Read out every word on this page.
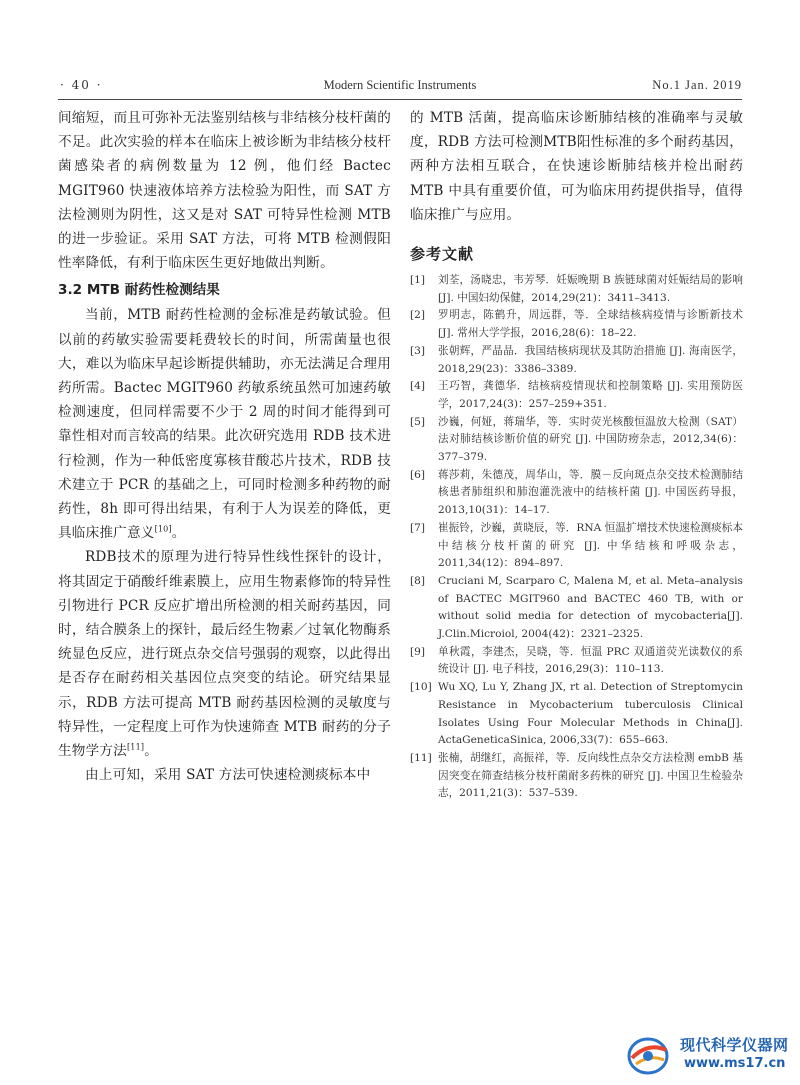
· 40 ·	Modern Scientific Instruments	No.1 Jan. 2019

间缩短，而且可弥补无法鉴别结核与非结核分枝杆菌的不足。此次实验的样本在临床上被诊断为非结核分枝杆菌感染者的病例数量为 12 例，他们经 Bactec MGIT960 快速液体培养方法检验为阳性，而 SAT 方法检测则为阴性，这又是对 SAT 可特异性检测 MTB 的进一步验证。采用 SAT 方法，可将 MTB 检测假阳性率降低，有利于临床医生更好地做出判断。

3.2 MTB 耐药性检测结果

当前，MTB 耐药性检测的金标准是药敏试验。但以前的药敏实验需要耗费较长的时间，所需菌量也很大，难以为临床早起诊断提供辅助，亦无法满足合理用药所需。Bactec MGIT960 药敏系统虽然可加速药敏检测速度，但同样需要不少于 2 周的时间才能得到可靠性相对而言较高的结果。此次研究选用 RDB 技术进行检测，作为一种低密度寡核苷酸芯片技术，RDB 技术建立于 PCR 的基础之上，可同时检测多种药物的耐药性，8h 即可得出结果，有利于人为误差的降低，更具临床推广意义[10]。

RDB技术的原理为进行特异性线性探针的设计，将其固定于硝酸纤维素膜上，应用生物素修饰的特异性引物进行 PCR 反应扩增出所检测的相关耐药基因，同时，结合膜条上的探针，最后经生物素／过氧化物酶系统显色反应，进行斑点杂交信号强弱的观察，以此得出是否存在耐药相关基因位点突变的结论。研究结果显示，RDB 方法可提高 MTB 耐药基因检测的灵敏度与特异性，一定程度上可作为快速筛查 MTB 耐药的分子生物学方法[11]。

由上可知，采用 SAT 方法可快速检测痰标本中

的 MTB 活菌，提高临床诊断肺结核的准确率与灵敏度，RDB 方法可检测MTB阳性标准的多个耐药基因，两种方法相互联合，在快速诊断肺结核并检出耐药MTB 中具有重要价值，可为临床用药提供指导，值得临床推广与应用。

参考文献
[1]	刘荃，汤晓忠，韦芳琴．妊娠晚期 B 族链球菌对妊娠结局的影响 [J]. 中国妇幼保健，2014,29(21)：3411–3413.
[2]	罗明志，陈鹤升，周远群，等．全球结核病疫情与诊断新技术 [J]. 常州大学学报，2016,28(6)：18–22.
[3]	张朝辉，严晶晶．我国结核病现状及其防治措施 [J]. 海南医学，2018,29(23)：3386–3389.
[4]	王巧智，龚德华．结核病疫情现状和控制策略 [J]. 实用预防医学，2017,24(3)：257–259+351.
[5]	沙巍，何娅，蒋瑞华，等．实时荧光核酸恒温放大检测（SAT）法对肺结核诊断价值的研究 [J]. 中国防痨杂志，2012,34(6)：377–379.
[6]	蒋莎莉，朱德茂，周华山，等．膜－反向斑点杂交技术检测肺结核患者肺组织和肺泡灌洗液中的结核杆菌 [J]. 中国医药导报，2013,10(31)：14–17.
[7]	崔振铃，沙巍，黄晓辰，等．RNA 恒温扩增技术快速检测痰标本中结核分枝杆菌的研究 [J]. 中华结核和呼吸杂志，2011,34(12)：894–897.
[8]	Cruciani M, Scarparo C, Malena M, et al. Meta–analysis of BACTEC MGIT960 and BACTEC 460 TB, with or without solid media for detection of mycobacteria[J]. J.Clin.Microiol, 2004(42)：2321–2325.
[9]	单秋霞，李建杰，吴晓，等．恒温 PRC 双通道荧光读数仪的系统设计 [J]. 电子科技，2016,29(3)：110–113.
[10] Wu XQ, Lu Y, Zhang JX, rt al. Detection of Streptomycin Resistance in Mycobacterium tuberculosis Clinical Isolates Using Four Molecular Methods in China[J]. ActaGeneticaSinica, 2006,33(7)：655–663.
[11] 张楠，胡继红，高振祥，等．反向线性点杂交方法检测 embB 基因突变在筛查结核分枝杆菌耐多药株的研究 [J]. 中国卫生检验杂志，2011,21(3)：537–539.
现代科学仪器网
www.ms17.cn
